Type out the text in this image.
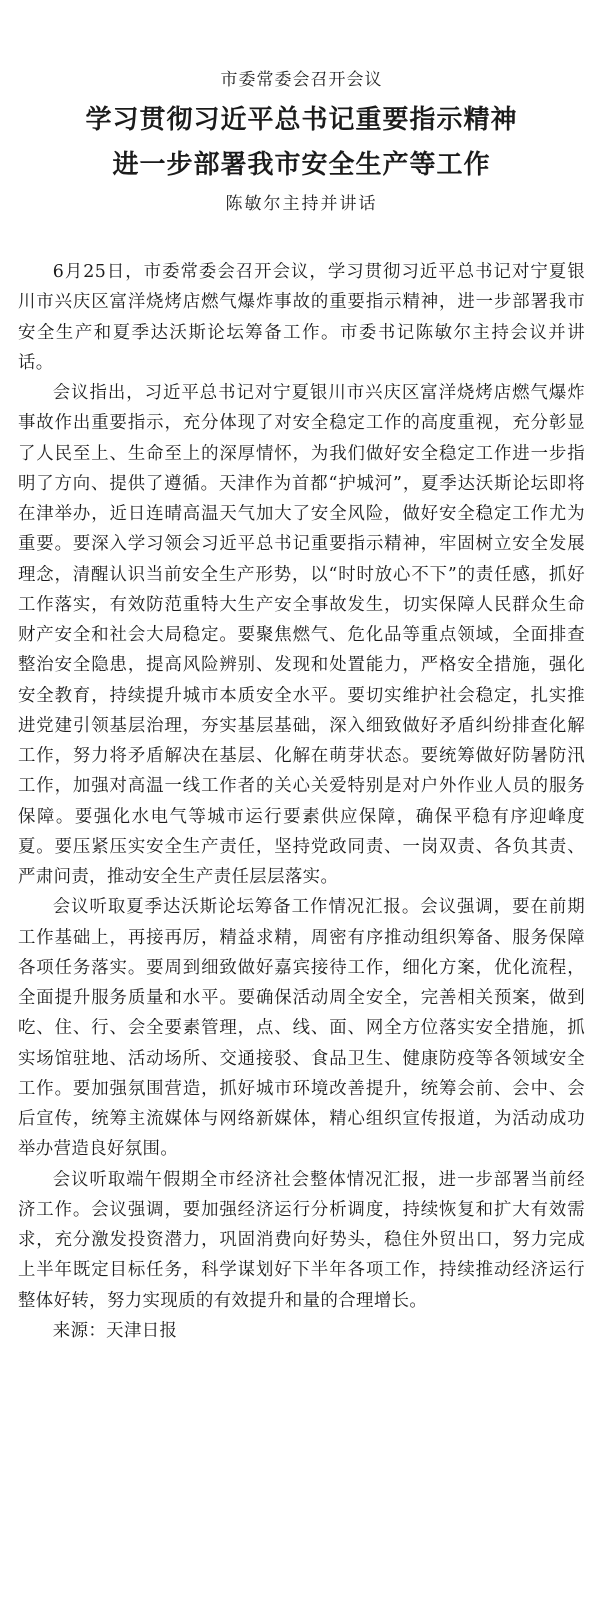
市委常委会召开会议
学习贯彻习近平总书记重要指示精神
进一步部署我市安全生产等工作
陈敏尔主持并讲话

6月25日，市委常委会召开会议，学习贯彻习近平总书记对宁夏银川市兴庆区富洋烧烤店燃气爆炸事故的重要指示精神，进一步部署我市安全生产和夏季达沃斯论坛筹备工作。市委书记陈敏尔主持会议并讲话。

会议指出，习近平总书记对宁夏银川市兴庆区富洋烧烤店燃气爆炸事故作出重要指示，充分体现了对安全稳定工作的高度重视，充分彰显了人民至上、生命至上的深厚情怀，为我们做好安全稳定工作进一步指明了方向、提供了遵循。天津作为首都“护城河”，夏季达沃斯论坛即将在津举办，近日连晴高温天气加大了安全风险，做好安全稳定工作尤为重要。要深入学习领会习近平总书记重要指示精神，牢固树立安全发展理念，清醒认识当前安全生产形势，以“时时放心不下”的责任感，抓好工作落实，有效防范重特大生产安全事故发生，切实保障人民群众生命财产安全和社会大局稳定。要聚焦燃气、危化品等重点领域，全面排查整治安全隐患，提高风险辨别、发现和处置能力，严格安全措施，强化安全教育，持续提升城市本质安全水平。要切实维护社会稳定，扎实推进党建引领基层治理，夯实基层基础，深入细致做好矛盾纠纷排查化解工作，努力将矛盾解决在基层、化解在萌芽状态。要统筹做好防暑防汛工作，加强对高温一线工作者的关心关爱特别是对户外作业人员的服务保障。要强化水电气等城市运行要素供应保障，确保平稳有序迎峰度夏。要压紧压实安全生产责任，坚持党政同责、一岗双责、各负其责、严肃问责，推动安全生产责任层层落实。

会议听取夏季达沃斯论坛筹备工作情况汇报。会议强调，要在前期工作基础上，再接再厉，精益求精，周密有序推动组织筹备、服务保障各项任务落实。要周到细致做好嘉宾接待工作，细化方案，优化流程，全面提升服务质量和水平。要确保活动周全安全，完善相关预案，做到吃、住、行、会全要素管理，点、线、面、网全方位落实安全措施，抓实场馆驻地、活动场所、交通接驳、食品卫生、健康防疫等各领域安全工作。要加强氛围营造，抓好城市环境改善提升，统筹会前、会中、会后宣传，统筹主流媒体与网络新媒体，精心组织宣传报道，为活动成功举办营造良好氛围。

会议听取端午假期全市经济社会整体情况汇报，进一步部署当前经济工作。会议强调，要加强经济运行分析调度，持续恢复和扩大有效需求，充分激发投资潜力，巩固消费向好势头，稳住外贸出口，努力完成上半年既定目标任务，科学谋划好下半年各项工作，持续推动经济运行整体好转，努力实现质的有效提升和量的合理增长。

来源：天津日报
